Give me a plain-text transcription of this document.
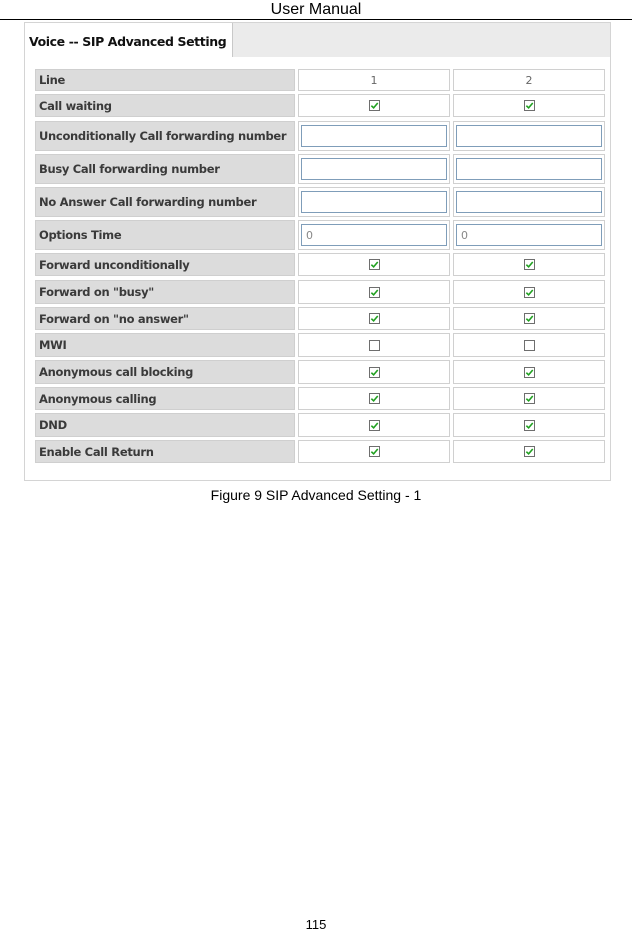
User Manual
Voice -- SIP Advanced Setting
Line	1	2
Call waiting
Unconditionally Call forwarding number
Busy Call forwarding number
No Answer Call forwarding number
Options Time	0	0
Forward unconditionally
Forward on "busy"
Forward on "no answer"
MWI
Anonymous call blocking
Anonymous calling
DND
Enable Call Return
Figure 9 SIP Advanced Setting - 1
115
